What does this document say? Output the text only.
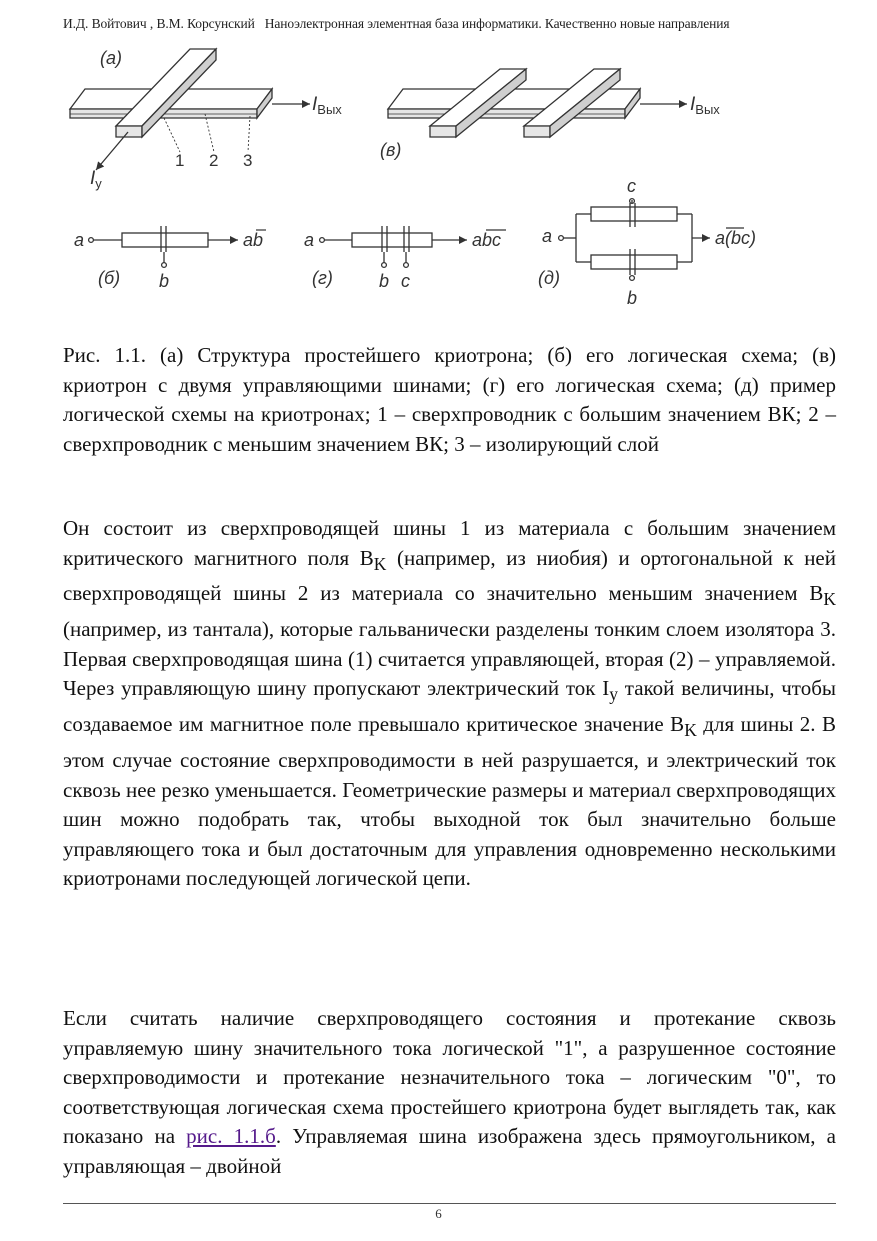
И.Д. Войтович , В.М. Корсунский Наноэлектронная элементная база информатики. Качественно новые направления
(а)
(в)
(б)	(г)	(д)
$I_{Вых}$	$I_{Вых}$
$I_у$
1 2 3
a	ab
b
a	abc
b c
a
c
b
a(bc)

Рис. 1.1. (а) Структура простейшего криотрона; (б) его логическая схема; (в) криотрон с двумя управляющими шинами; (г) его логическая схема; (д) пример логической схемы на криотронах; 1 – сверхпроводник с большим значением ВК; 2 – сверхпроводник с меньшим значением ВК; 3 – изолирующий слой

Он состоит из сверхпроводящей шины 1 из материала с большим значением критического магнитного поля $B_K$ (например, из ниобия) и ортогональной к ней сверхпроводящей шины 2 из материала со значительно меньшим значением $B_K$ (например, из тантала), которые гальванически разделены тонким слоем изолятора 3. Первая сверхпроводящая шина (1) считается управляющей, вторая (2) – управляемой. Через управляющую шину пропускают электрический ток $I_у$ такой величины, чтобы создаваемое им магнитное поле превышало критическое значение $B_K$ для шины 2. В этом случае состояние сверхпроводимости в ней разрушается, и электрический ток сквозь нее резко уменьшается. Геометрические размеры и материал сверхпроводящих шин можно подобрать так, чтобы выходной ток был значительно больше управляющего тока и был достаточным для управления одновременно несколькими криотронами последующей логической цепи.

Если считать наличие сверхпроводящего состояния и протекание сквозь управляемую шину значительного тока логической "1", а разрушенное состояние сверхпроводимости и протекание незначительного тока – логическим "0", то соответствующая логическая схема простейшего криотрона будет выглядеть так, как показано на рис. 1.1.б. Управляемая шина изображена здесь прямоугольником, а управляющая – двойной

6
